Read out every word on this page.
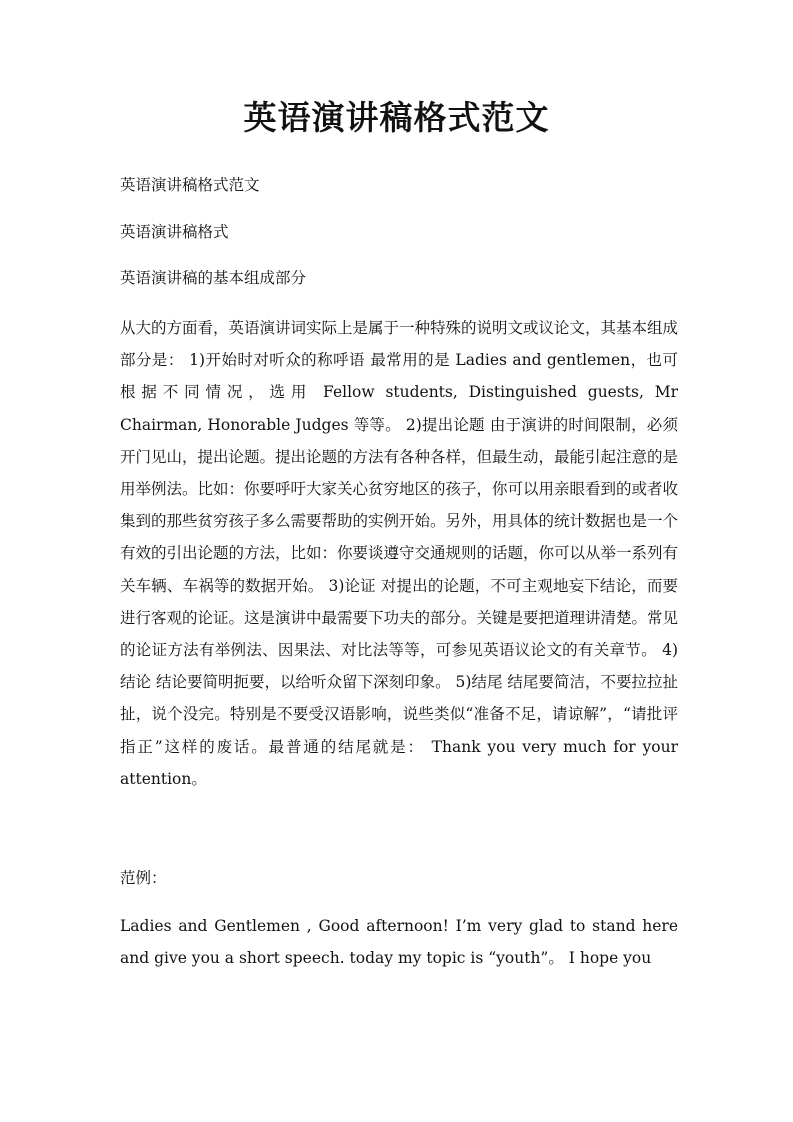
英语演讲稿格式范文

英语演讲稿格式范文

英语演讲稿格式

英语演讲稿的基本组成部分

从大的方面看，英语演讲词实际上是属于一种特殊的说明文或议论文，其基本组成部分是： 1)开始时对听众的称呼语 最常用的是 Ladies and gentlemen，也可根据不同情况，选用 Fellow students, Distinguished guests, Mr Chairman, Honorable Judges 等等。 2)提出论题 由于演讲的时间限制，必须开门见山，提出论题。提出论题的方法有各种各样，但最生动，最能引起注意的是用举例法。比如：你要呼吁大家关心贫穷地区的孩子，你可以用亲眼看到的或者收集到的那些贫穷孩子多么需要帮助的实例开始。另外，用具体的统计数据也是一个有效的引出论题的方法，比如：你要谈遵守交通规则的话题，你可以从举一系列有关车辆、车祸等的数据开始。 3)论证 对提出的论题，不可主观地妄下结论，而要进行客观的论证。这是演讲中最需要下功夫的部分。关键是要把道理讲清楚。常见的论证方法有举例法、因果法、对比法等等，可参见英语议论文的有关章节。 4)结论 结论要简明扼要，以给听众留下深刻印象。 5)结尾 结尾要简洁，不要拉拉扯扯，说个没完。特别是不要受汉语影响，说些类似“准备不足，请谅解”，“请批评指正”这样的废话。最普通的结尾就是： Thank you very much for your attention。

范例：

Ladies and Gentlemen , Good afternoon! I’m very glad to stand here and give you a short speech. today my topic is “youth”。 I hope you
